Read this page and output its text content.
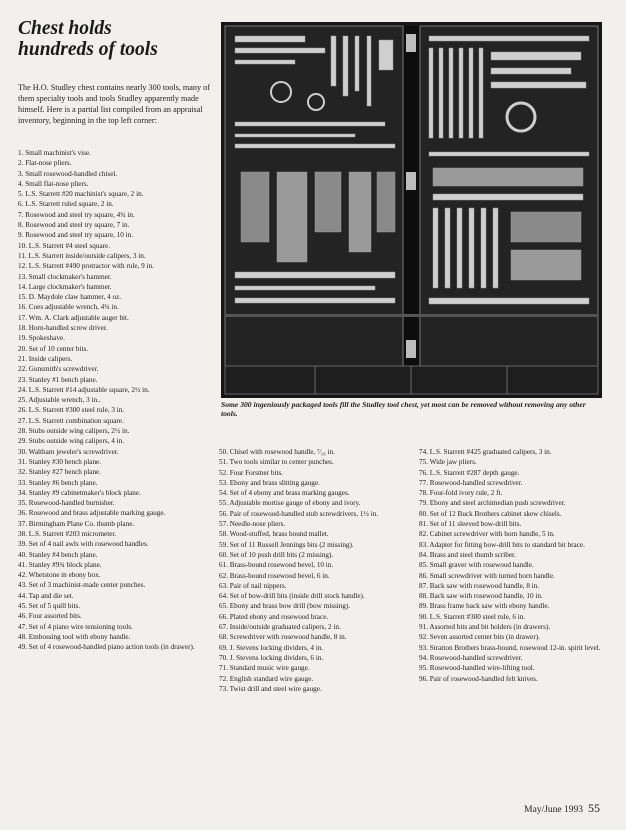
Chest holds
hundreds of tools

The H.O. Studley chest contains nearly 300 tools, many of them specialty tools and tools Studley apparently made himself. Here is a partial list compiled from an appraisal inventory, beginning in the top left corner:

1. Small machinist's vise.
2. Flat-nose pliers.
3. Small rosewood-handled chisel.
4. Small flat-nose pliers.
5. L.S. Starrett #20 machinist's square, 2 in.
6. L.S. Starrett ruled square, 2 in.
7. Rosewood and steel try square, 4¾ in.
8. Rosewood and steel try square, 7 in.
9. Rosewood and steel try square, 10 in.
10. L.S. Starrett #4 steel square.
11. L.S. Starrett inside/outside calipers, 3 in.
12. L.S. Starrett #490 protractor with rule, 9 in.
13. Small clockmaker's hammer.
14. Large clockmaker's hammer.
15. D. Maydole claw hammer, 4 oz.
16. Coes adjustable wrench, 4¾ in.
17. Wm. A. Clark adjustable auger bit.
18. Horn-handled screw driver.
19. Spokeshave.
20. Set of 10 center bits.
21. Inside calipers.
22. Gunsmith's screwdriver.
23. Stanley #1 bench plane.
24. L.S. Starrett #14 adjustable square, 2½ in.
25. Adjustable wrench, 3 in..
26. L.S. Starrett #300 steel rule, 3 in.
27. L.S. Starrett combination square.
28. Stubs outside wing calipers, 2½ in.
29. Stubs outside wing calipers, 4 in.
30. Waltham jeweler's screwdriver.
31. Stanley #30 bench plane.
32. Stanley #27 bench plane.
33. Stanley #6 bench plane.
34. Stanley #9 cabinetmaker's block plane.
35. Rosewood-handled burnisher.
36. Rosewood and brass adjustable marking gauge.
37. Birmingham Plane Co. thumb plane.
38. L.S. Starrett #203 micrometer.
39. Set of 4 nail awls with rosewood handles.
40. Stanley #4 bench plane.
41. Stanley #9¾ block plane.
42. Whetstone in ebony box.
43. Set of 3 machinist-made center punches.
44. Tap and die set.
45. Set of 5 quill bits.
46. Four assorted bits.
47. Set of 4 piano wire tensioning tools.
48. Embossing tool with ebony handle.
49. Set of 4 rosewood-handled piano action tools (in drawer).

Some 300 ingeniously packaged tools fill the Studley tool chest, yet most can be removed without removing any other tools.

50. Chisel with rosewood handle, ⁷⁄₁₆ in.
51. Two tools similar to center punches.
52. Four Forstner bits.
53. Ebony and brass slitting gauge.
54. Set of 4 ebony and brass marking gauges.
55. Adjustable mortise gauge of ebony and ivory.
56. Pair of rosewood-handled stub screwdrivers, 1½ in.
57. Needle-nose pliers.
58. Wood-stuffed, brass bound mallet.
59. Set of 11 Russell Jennings bits (2 missing).
60. Set of 10 push drill bits (2 missing).
61. Brass-bound rosewood bevel, 10 in.
62. Brass-bound rosewood bevel, 6 in.
63. Pair of nail nippers.
64. Set of bow-drill bits (inside drill stock handle).
65. Ebony and brass bow drill (bow missing).
66. Plated ebony and rosewood brace.
67. Inside/outside graduated calipers, 2 in.
68. Screwdriver with rosewood handle, 8 in.
69. J. Stevens locking dividers, 4 in.
70. J. Stevens locking dividers, 6 in.
71. Standard music wire gauge.
72. English standard wire gauge.
73. Twist drill and steel wire gauge.
74. L.S. Starrett #425 graduated calipers, 3 in.
75. Wide jaw pliers.
76. L.S. Starrett #287 depth gauge.
77. Rosewood-handled screwdriver.
78. Four-fold ivory rule, 2 ft.
79. Ebony and steel archimedian push screwdriver.
80. Set of 12 Buck Brothers cabinet skew chisels.
81. Set of 11 sleeved bow-drill bits.
82. Cabinet screwdriver with horn handle, 5 in.
83. Adapter for fitting bow-drill bits to standard bit brace.
84. Brass and steel thumb scriber.
85. Small graver with rosewood handle.
86. Small screwdriver with turned horn handle.
87. Back saw with rosewood handle, 8 in.
88. Back saw with rosewood handle, 10 in.
89. Brass frame back saw with ebony handle.
90. L.S. Starrett #300 steel rule, 6 in.
91. Assorted bits and bit holders (in drawers).
92. Seven assorted center bits (in drawer).
93. Stratton Brothers brass-bound, rosewood 12-in. spirit level.
94. Rosewood-handled screwdriver.
95. Rosewood-handled wire-lifting tool.
96. Pair of rosewood-handled felt knives.
May/June 1993 55
